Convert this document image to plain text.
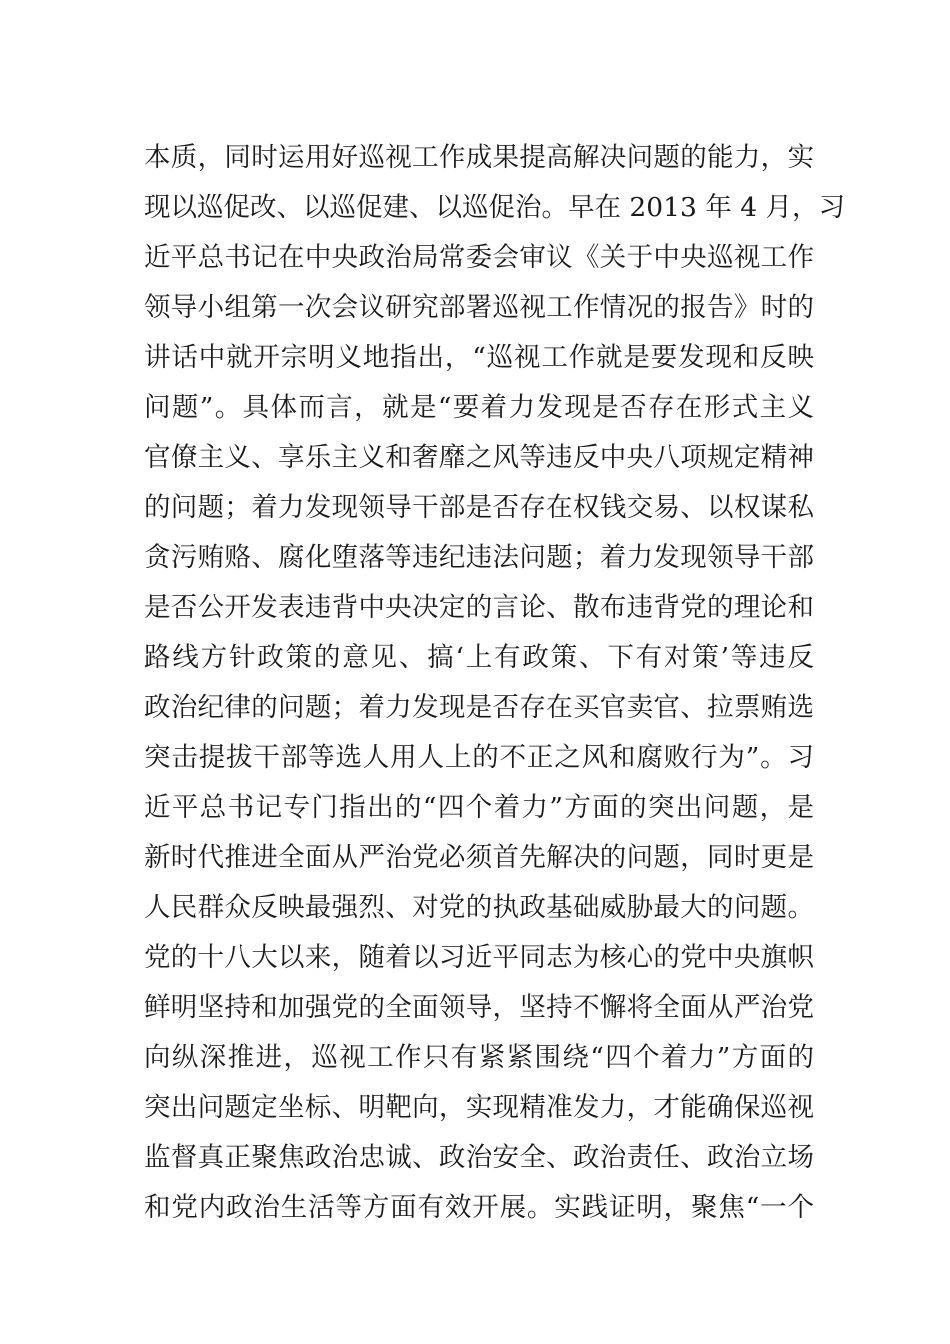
本质，同时运用好巡视工作成果提高解决问题的能力，实
现以巡促改、以巡促建、以巡促治。早在 2013 年 4 月，习
近平总书记在中央政治局常委会审议《关于中央巡视工作
领导小组第一次会议研究部署巡视工作情况的报告》时的
讲话中就开宗明义地指出，“巡视工作就是要发现和反映
问题”。具体而言，就是“要着力发现是否存在形式主义
官僚主义、享乐主义和奢靡之风等违反中央八项规定精神
的问题；着力发现领导干部是否存在权钱交易、以权谋私
贪污贿赂、腐化堕落等违纪违法问题；着力发现领导干部
是否公开发表违背中央决定的言论、散布违背党的理论和
路线方针政策的意见、搞‘上有政策、下有对策’等违反
政治纪律的问题；着力发现是否存在买官卖官、拉票贿选
突击提拔干部等选人用人上的不正之风和腐败行为”。习
近平总书记专门指出的“四个着力”方面的突出问题，是
新时代推进全面从严治党必须首先解决的问题，同时更是
人民群众反映最强烈、对党的执政基础威胁最大的问题。
党的十八大以来，随着以习近平同志为核心的党中央旗帜
鲜明坚持和加强党的全面领导，坚持不懈将全面从严治党
向纵深推进，巡视工作只有紧紧围绕“四个着力”方面的
突出问题定坐标、明靶向，实现精准发力，才能确保巡视
监督真正聚焦政治忠诚、政治安全、政治责任、政治立场
和党内政治生活等方面有效开展。实践证明，聚焦“一个
